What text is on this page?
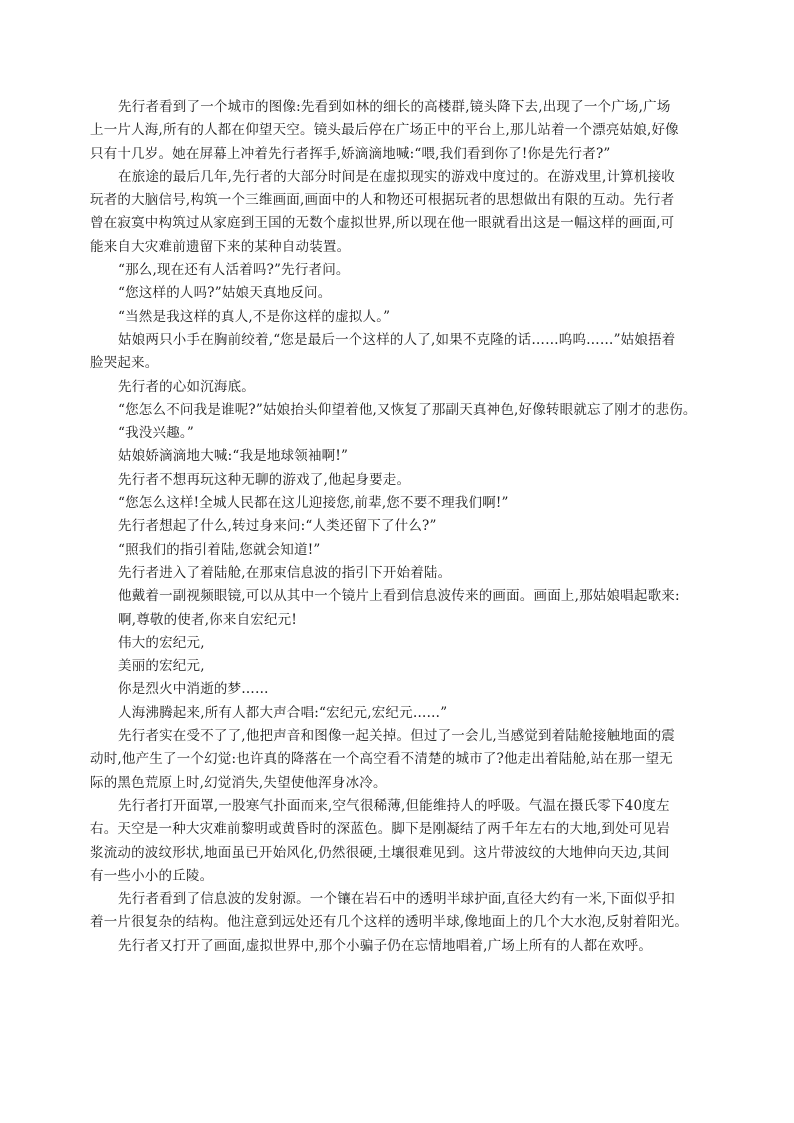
先行者看到了一个城市的图像:先看到如林的细长的高楼群,镜头降下去,出现了一个广场,广场
上一片人海,所有的人都在仰望天空。镜头最后停在广场正中的平台上,那儿站着一个漂亮姑娘,好像
只有十几岁。她在屏幕上冲着先行者挥手,娇滴滴地喊:“喂,我们看到你了!你是先行者?”
在旅途的最后几年,先行者的大部分时间是在虚拟现实的游戏中度过的。在游戏里,计算机接收
玩者的大脑信号,构筑一个三维画面,画面中的人和物还可根据玩者的思想做出有限的互动。先行者
曾在寂寞中构筑过从家庭到王国的无数个虚拟世界,所以现在他一眼就看出这是一幅这样的画面,可
能来自大灾难前遗留下来的某种自动装置。
“那么,现在还有人活着吗?”先行者问。
“您这样的人吗?”姑娘天真地反问。
“当然是我这样的真人,不是你这样的虚拟人。”
姑娘两只小手在胸前绞着,“您是最后一个这样的人了,如果不克隆的话……呜呜……”姑娘捂着
脸哭起来。
先行者的心如沉海底。
“您怎么不问我是谁呢?”姑娘抬头仰望着他,又恢复了那副天真神色,好像转眼就忘了刚才的悲伤。
“我没兴趣。”
姑娘娇滴滴地大喊:“我是地球领袖啊!”
先行者不想再玩这种无聊的游戏了,他起身要走。
“您怎么这样!全城人民都在这儿迎接您,前辈,您不要不理我们啊!”
先行者想起了什么,转过身来问:“人类还留下了什么?”
“照我们的指引着陆,您就会知道!”
先行者进入了着陆舱,在那束信息波的指引下开始着陆。
他戴着一副视频眼镜,可以从其中一个镜片上看到信息波传来的画面。画面上,那姑娘唱起歌来:
啊,尊敬的使者,你来自宏纪元!
伟大的宏纪元,
美丽的宏纪元,
你是烈火中消逝的梦……
人海沸腾起来,所有人都大声合唱:“宏纪元,宏纪元……”
先行者实在受不了了,他把声音和图像一起关掉。但过了一会儿,当感觉到着陆舱接触地面的震
动时,他产生了一个幻觉:也许真的降落在一个高空看不清楚的城市了?他走出着陆舱,站在那一望无
际的黑色荒原上时,幻觉消失,失望使他浑身冰冷。
先行者打开面罩,一股寒气扑面而来,空气很稀薄,但能维持人的呼吸。气温在摄氏零下40度左
右。天空是一种大灾难前黎明或黄昏时的深蓝色。脚下是刚凝结了两千年左右的大地,到处可见岩
浆流动的波纹形状,地面虽已开始风化,仍然很硬,土壤很难见到。这片带波纹的大地伸向天边,其间
有一些小小的丘陵。
先行者看到了信息波的发射源。一个镶在岩石中的透明半球护面,直径大约有一米,下面似乎扣
着一片很复杂的结构。他注意到远处还有几个这样的透明半球,像地面上的几个大水泡,反射着阳光。
先行者又打开了画面,虚拟世界中,那个小骗子仍在忘情地唱着,广场上所有的人都在欢呼。
